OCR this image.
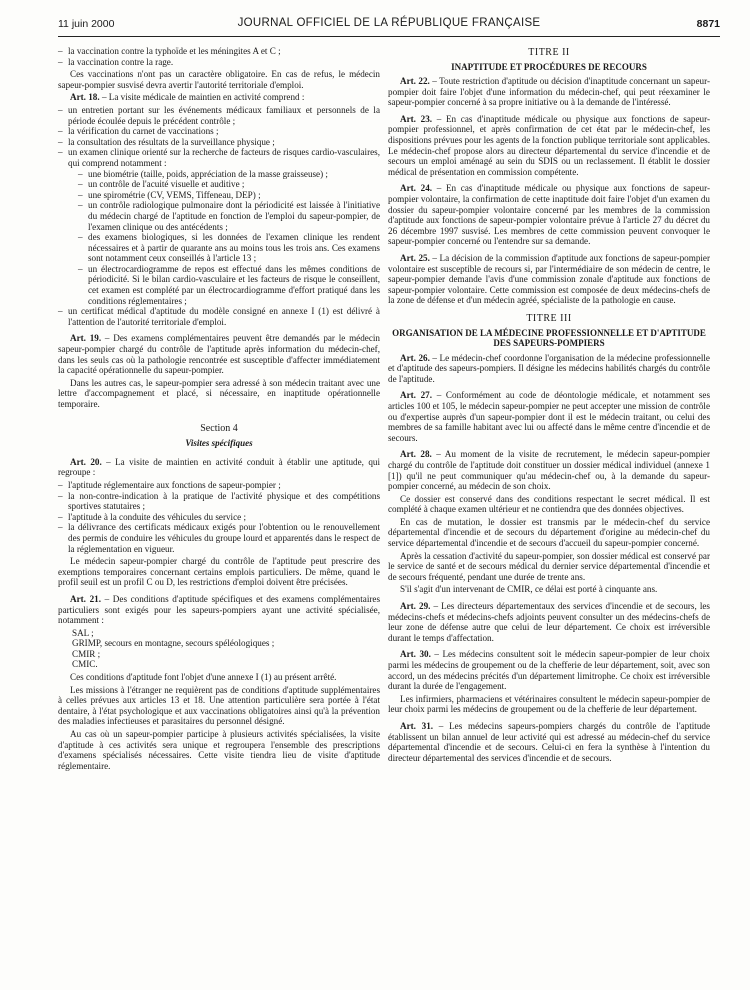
11 juin 2000	JOURNAL OFFICIEL DE LA RÉPUBLIQUE FRANÇAISE	8871
– la vaccination contre la typhoïde et les méningites A et C ;
– la vaccination contre la rage.

Ces vaccinations n'ont pas un caractère obligatoire. En cas de refus, le médecin sapeur-pompier susvisé devra avertir l'autorité territoriale d'emploi.

Art. 18. – La visite médicale de maintien en activité comprend :

– un entretien portant sur les événements médicaux familiaux et personnels de la période écoulée depuis le précédent contrôle ;
– la vérification du carnet de vaccinations ;
– la consultation des résultats de la surveillance physique ;
– un examen clinique orienté sur la recherche de facteurs de risques cardio-vasculaires, qui comprend notamment :
– une biométrie (taille, poids, appréciation de la masse graisseuse) ;
– un contrôle de l'acuité visuelle et auditive ;
– une spirométrie (CV, VEMS, Tiffeneau, DEP) ;
– un contrôle radiologique pulmonaire dont la périodicité est laissée à l'initiative du médecin chargé de l'aptitude en fonction de l'emploi du sapeur-pompier, de l'examen clinique ou des antécédents ;
– des examens biologiques, si les données de l'examen clinique les rendent nécessaires et à partir de quarante ans au moins tous les trois ans. Ces examens sont notamment ceux conseillés à l'article 13 ;
– un électrocardiogramme de repos est effectué dans les mêmes conditions de périodicité. Si le bilan cardio-vasculaire et les facteurs de risque le conseillent, cet examen est complété par un électrocardiogramme d'effort pratiqué dans les conditions réglementaires ;
– un certificat médical d'aptitude du modèle consigné en annexe I (1) est délivré à l'attention de l'autorité territoriale d'emploi.

Art. 19. – Des examens complémentaires peuvent être demandés par le médecin sapeur-pompier chargé du contrôle de l'aptitude après information du médecin-chef, dans les seuls cas où la pathologie rencontrée est susceptible d'affecter immédiatement la capacité opérationnelle du sapeur-pompier.

Dans les autres cas, le sapeur-pompier sera adressé à son médecin traitant avec une lettre d'accompagnement et placé, si nécessaire, en inaptitude opérationnelle temporaire.

Section 4
Visites spécifiques

Art. 20. – La visite de maintien en activité conduit à établir une aptitude, qui regroupe :

– l'aptitude réglementaire aux fonctions de sapeur-pompier ;
– la non-contre-indication à la pratique de l'activité physique et des compétitions sportives statutaires ;
– l'aptitude à la conduite des véhicules du service ;
– la délivrance des certificats médicaux exigés pour l'obtention ou le renouvellement des permis de conduire les véhicules du groupe lourd et apparentés dans le respect de la réglementation en vigueur.

Le médecin sapeur-pompier chargé du contrôle de l'aptitude peut prescrire des exemptions temporaires concernant certains emplois particuliers. De même, quand le profil seuil est un profil C ou D, les restrictions d'emploi doivent être précisées.

Art. 21. – Des conditions d'aptitude spécifiques et des examens complémentaires particuliers sont exigés pour les sapeurs-pompiers ayant une activité spécialisée, notamment :

SAL ;
GRIMP, secours en montagne, secours spéléologiques ;
CMIR ;
CMIC.

Ces conditions d'aptitude font l'objet d'une annexe I (1) au présent arrêté.

Les missions à l'étranger ne requièrent pas de conditions d'aptitude supplémentaires à celles prévues aux articles 13 et 18. Une attention particulière sera portée à l'état dentaire, à l'état psychologique et aux vaccinations obligatoires ainsi qu'à la prévention des maladies infectieuses et parasitaires du personnel désigné.

Au cas où un sapeur-pompier participe à plusieurs activités spécialisées, la visite d'aptitude à ces activités sera unique et regroupera l'ensemble des prescriptions d'examens spécialisés nécessaires. Cette visite tiendra lieu de visite d'aptitude réglementaire.

TITRE II
INAPTITUDE ET PROCÉDURES DE RECOURS

Art. 22. – Toute restriction d'aptitude ou décision d'inaptitude concernant un sapeur-pompier doit faire l'objet d'une information du médecin-chef, qui peut réexaminer le sapeur-pompier concerné à sa propre initiative ou à la demande de l'intéressé.

Art. 23. – En cas d'inaptitude médicale ou physique aux fonctions de sapeur-pompier professionnel, et après confirmation de cet état par le médecin-chef, les dispositions prévues pour les agents de la fonction publique territoriale sont applicables. Le médecin-chef propose alors au directeur départemental du service d'incendie et de secours un emploi aménagé au sein du SDIS ou un reclassement. Il établit le dossier médical de présentation en commission compétente.

Art. 24. – En cas d'inaptitude médicale ou physique aux fonctions de sapeur-pompier volontaire, la confirmation de cette inaptitude doit faire l'objet d'un examen du dossier du sapeur-pompier volontaire concerné par les membres de la commission d'aptitude aux fonctions de sapeur-pompier volontaire prévue à l'article 27 du décret du 26 décembre 1997 susvisé. Les membres de cette commission peuvent convoquer le sapeur-pompier concerné ou l'entendre sur sa demande.

Art. 25. – La décision de la commission d'aptitude aux fonctions de sapeur-pompier volontaire est susceptible de recours si, par l'intermédiaire de son médecin de centre, le sapeur-pompier demande l'avis d'une commission zonale d'aptitude aux fonctions de sapeur-pompier volontaire. Cette commission est composée de deux médecins-chefs de la zone de défense et d'un médecin agréé, spécialiste de la pathologie en cause.

TITRE III
ORGANISATION DE LA MÉDECINE PROFESSIONNELLE ET D'APTITUDE DES SAPEURS-POMPIERS

Art. 26. – Le médecin-chef coordonne l'organisation de la médecine professionnelle et d'aptitude des sapeurs-pompiers. Il désigne les médecins habilités chargés du contrôle de l'aptitude.

Art. 27. – Conformément au code de déontologie médicale, et notamment ses articles 100 et 105, le médecin sapeur-pompier ne peut accepter une mission de contrôle ou d'expertise auprès d'un sapeur-pompier dont il est le médecin traitant, ou celui des membres de sa famille habitant avec lui ou affecté dans le même centre d'incendie et de secours.

Art. 28. – Au moment de la visite de recrutement, le médecin sapeur-pompier chargé du contrôle de l'aptitude doit constituer un dossier médical individuel (annexe 1 [1]) qu'il ne peut communiquer qu'au médecin-chef ou, à la demande du sapeur-pompier concerné, au médecin de son choix.

Ce dossier est conservé dans des conditions respectant le secret médical. Il est complété à chaque examen ultérieur et ne contiendra que des données objectives.

En cas de mutation, le dossier est transmis par le médecin-chef du service départemental d'incendie et de secours du département d'origine au médecin-chef du service départemental d'incendie et de secours d'accueil du sapeur-pompier concerné.

Après la cessation d'activité du sapeur-pompier, son dossier médical est conservé par le service de santé et de secours médical du dernier service départemental d'incendie et de secours fréquenté, pendant une durée de trente ans.

S'il s'agit d'un intervenant de CMIR, ce délai est porté à cinquante ans.

Art. 29. – Les directeurs départementaux des services d'incendie et de secours, les médecins-chefs et médecins-chefs adjoints peuvent consulter un des médecins-chefs de leur zone de défense autre que celui de leur département. Ce choix est irréversible durant le temps d'affectation.

Art. 30. – Les médecins consultent soit le médecin sapeur-pompier de leur choix parmi les médecins de groupement ou de la chefferie de leur département, soit, avec son accord, un des médecins précités d'un département limitrophe. Ce choix est irréversible durant la durée de l'engagement.

Les infirmiers, pharmaciens et vétérinaires consultent le médecin sapeur-pompier de leur choix parmi les médecins de groupement ou de la chefferie de leur département.

Art. 31. – Les médecins sapeurs-pompiers chargés du contrôle de l'aptitude établissent un bilan annuel de leur activité qui est adressé au médecin-chef du service départemental d'incendie et de secours. Celui-ci en fera la synthèse à l'intention du directeur départemental des services d'incendie et de secours.
